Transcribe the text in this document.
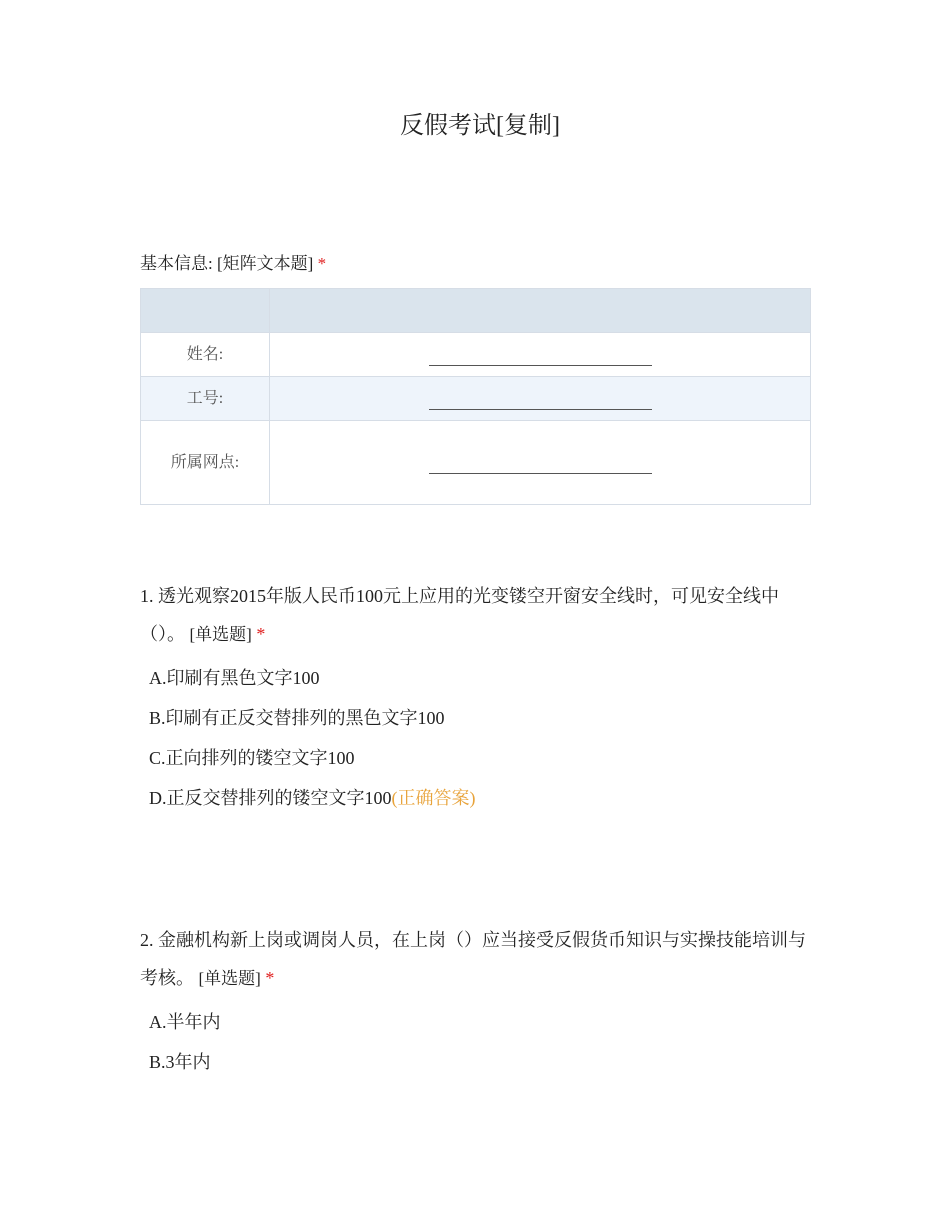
反假考试[复制]
基本信息: [矩阵文本题] *

姓名:	
工号:	
所属网点:	

1. 透光观察2015年版人民币100元上应用的光变镂空开窗安全线时，可见安全线中（）。 [单选题] *

A.印刷有黑色文字100
B.印刷有正反交替排列的黑色文字100
C.正向排列的镂空文字100
D.正反交替排列的镂空文字100(正确答案)

2. 金融机构新上岗或调岗人员，在上岗（）应当接受反假货币知识与实操技能培训与考核。 [单选题] *

A.半年内
B.3年内
